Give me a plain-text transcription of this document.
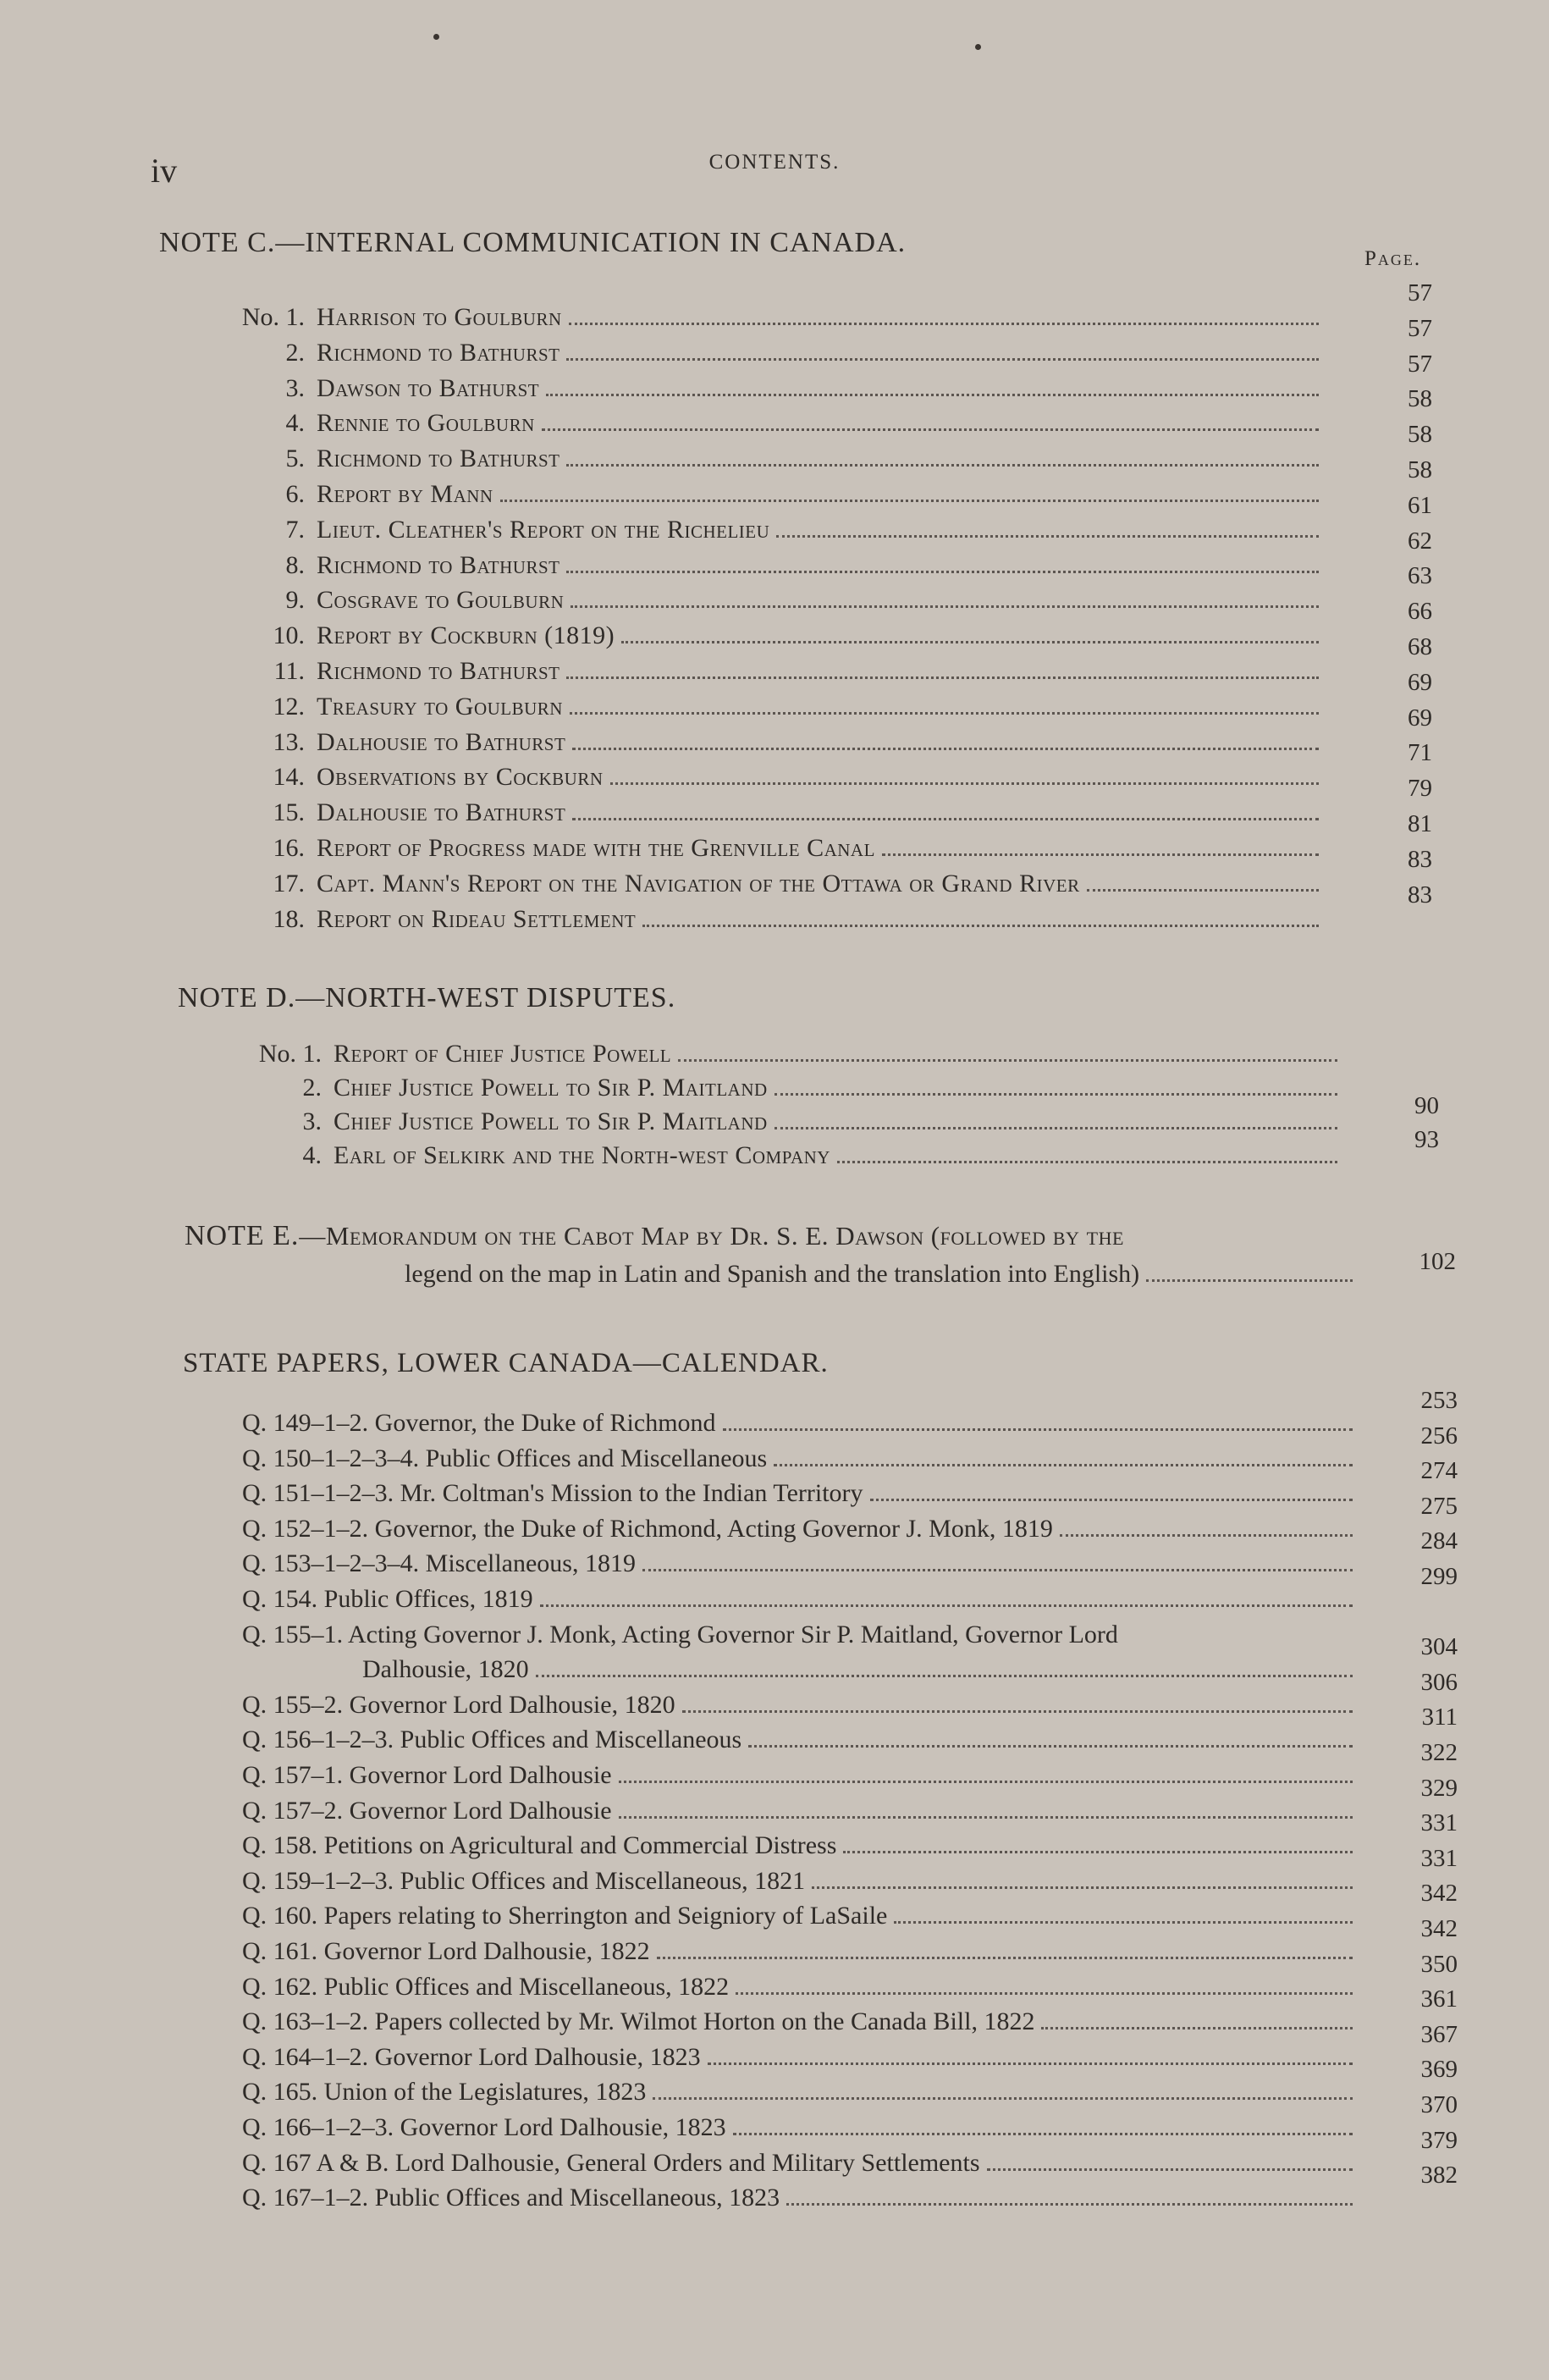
iv	CONTENTS.
NOTE C.—INTERNAL COMMUNICATION IN CANADA.
Page.
No. 1. Harrison to Goulburn
57
2. Richmond to Bathurst
57
3. Dawson to Bathurst
57
4. Rennie to Goulburn
58
5. Richmond to Bathurst
58
6. Report by Mann
58
7. Lieut. Cleather's Report on the Richelieu
61
8. Richmond to Bathurst
62
9. Cosgrave to Goulburn
63
10. Report by Cockburn (1819)
66
11. Richmond to Bathurst
68
12. Treasury to Goulburn
69
13. Dalhousie to Bathurst
69
14. Observations by Cockburn
71
15. Dalhousie to Bathurst
79
16. Report of Progress made with the Grenville Canal
81
17. Capt. Mann's Report on the Navigation of the Ottawa or Grand River
83
18. Report on Rideau Settlement
83
NOTE D.—NORTH-WEST DISPUTES.
No. 1. Report of Chief Justice Powell
2. Chief Justice Powell to Sir P. Maitland
3. Chief Justice Powell to Sir P. Maitland
90
4. Earl of Selkirk and the North-west Company
93
NOTE E.—Memorandum on the Cabot Map by Dr. S. E. Dawson (followed by the
legend on the map in Latin and Spanish and the translation into English)	102
STATE PAPERS, LOWER CANADA—CALENDAR.
Q. 149–1–2. Governor, the Duke of Richmond
253
Q. 150–1–2–3–4. Public Offices and Miscellaneous
256
Q. 151–1–2–3. Mr. Coltman's Mission to the Indian Territory
274
Q. 152–1–2. Governor, the Duke of Richmond, Acting Governor J. Monk, 1819
275
Q. 153–1–2–3–4. Miscellaneous, 1819
284
Q. 154. Public Offices, 1819
299
Q. 155–1. Acting Governor J. Monk, Acting Governor Sir P. Maitland, Governor Lord
Dalhousie, 1820
304
Q. 155–2. Governor Lord Dalhousie, 1820
306
Q. 156–1–2–3. Public Offices and Miscellaneous
311
Q. 157–1. Governor Lord Dalhousie
322
Q. 157–2. Governor Lord Dalhousie
329
Q. 158. Petitions on Agricultural and Commercial Distress
331
Q. 159–1–2–3. Public Offices and Miscellaneous, 1821
331
Q. 160. Papers relating to Sherrington and Seigniory of LaSaile
342
Q. 161. Governor Lord Dalhousie, 1822
342
Q. 162. Public Offices and Miscellaneous, 1822
350
Q. 163–1–2. Papers collected by Mr. Wilmot Horton on the Canada Bill, 1822
361
Q. 164–1–2. Governor Lord Dalhousie, 1823
367
Q. 165. Union of the Legislatures, 1823
369
Q. 166–1–2–3. Governor Lord Dalhousie, 1823
370
Q. 167 A & B. Lord Dalhousie, General Orders and Military Settlements
379
Q. 167–1–2. Public Offices and Miscellaneous, 1823
382
